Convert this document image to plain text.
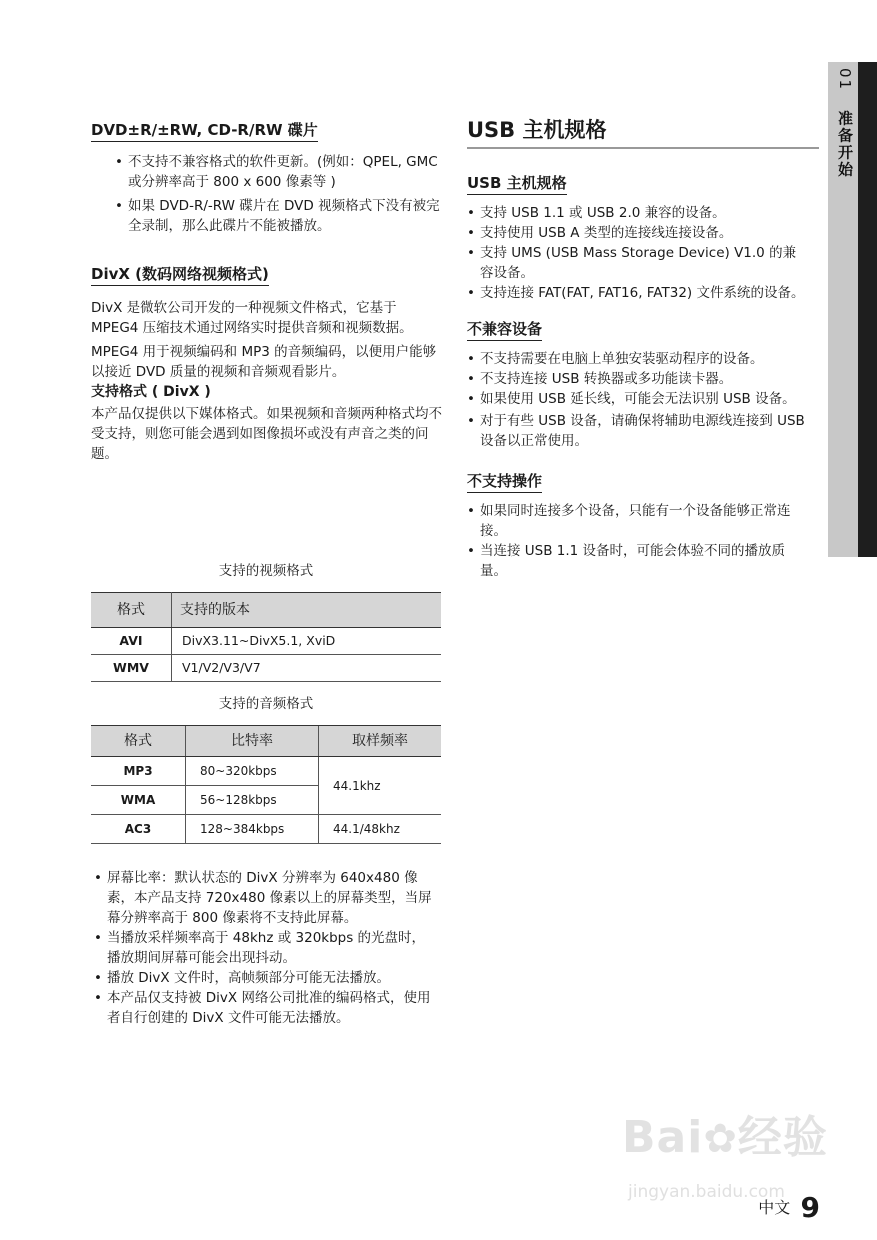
01 准备开始
DVD±R/±RW, CD-R/RW 碟片
• 不支持不兼容格式的软件更新。(例如：QPEL, GMC 或分辨率高于 800 x 600 像素等 )
• 如果 DVD-R/-RW 碟片在 DVD 视频格式下没有被完全录制，那么此碟片不能被播放。
DivX (数码网络视频格式)

DivX 是微软公司开发的一种视频文件格式，它基于 MPEG4 压缩技术通过网络实时提供音频和视频数据。

MPEG4 用于视频编码和 MP3 的音频编码，以便用户能够以接近 DVD 质量的视频和音频观看影片。

支持格式 ( DivX )

本产品仅提供以下媒体格式。如果视频和音频两种格式均不受支持，则您可能会遇到如图像损坏或没有声音之类的问题。

支持的视频格式
格式	支持的版本
AVI	DivX3.11~DivX5.1, XviD
WMV	V1/V2/V3/V7
支持的音频格式
格式	比特率	取样频率
MP3	80~320kbps	44.1khz
WMA	56~128kbps	
AC3	128~384kbps	44.1/48khz
• 屏幕比率：默认状态的 DivX 分辨率为 640x480 像素，本产品支持 720x480 像素以上的屏幕类型，当屏幕分辨率高于 800 像素将不支持此屏幕。
• 当播放采样频率高于 48khz 或 320kbps 的光盘时，播放期间屏幕可能会出现抖动。
• 播放 DivX 文件时，高帧频部分可能无法播放。
• 本产品仅支持被 DivX 网络公司批准的编码格式，使用者自行创建的 DivX 文件可能无法播放。
USB 主机规格
USB 主机规格
• 支持 USB 1.1 或 USB 2.0 兼容的设备。
• 支持使用 USB A 类型的连接线连接设备。
• 支持 UMS (USB Mass Storage Device) V1.0 的兼容设备。
• 支持连接 FAT(FAT, FAT16, FAT32) 文件系统的设备。
不兼容设备
• 不支持需要在电脑上单独安装驱动程序的设备。
• 不支持连接 USB 转换器或多功能读卡器。
• 如果使用 USB 延长线，可能会无法识别 USB 设备。
• 对于有些 USB 设备，请确保将辅助电源线连接到 USB 设备以正常使用。
不支持操作
• 如果同时连接多个设备，只能有一个设备能够正常连接。
• 当连接 USB 1.1 设备时，可能会体验不同的播放质量。
Bai✿经验
jingyan.baidu.com
中文 9
